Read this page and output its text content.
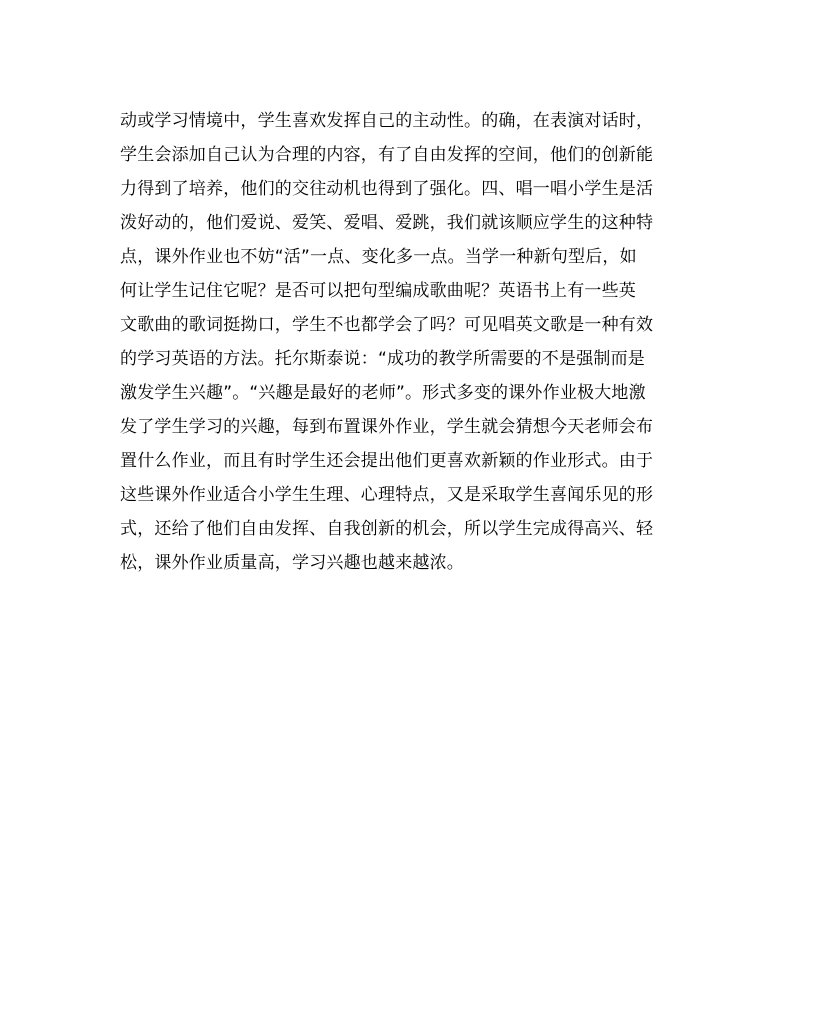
动或学习情境中，学生喜欢发挥自己的主动性。的确，在表演对话时，
学生会添加自己认为合理的内容，有了自由发挥的空间，他们的创新能
力得到了培养，他们的交往动机也得到了强化。四、唱一唱小学生是活
泼好动的，他们爱说、爱笑、爱唱、爱跳，我们就该顺应学生的这种特
点，课外作业也不妨“活”一点、变化多一点。当学一种新句型后，如
何让学生记住它呢？是否可以把句型编成歌曲呢？英语书上有一些英
文歌曲的歌词挺拗口，学生不也都学会了吗？可见唱英文歌是一种有效
的学习英语的方法。托尔斯泰说：“成功的教学所需要的不是强制而是
激发学生兴趣”。“兴趣是最好的老师”。形式多变的课外作业极大地激
发了学生学习的兴趣，每到布置课外作业，学生就会猜想今天老师会布
置什么作业，而且有时学生还会提出他们更喜欢新颖的作业形式。由于
这些课外作业适合小学生生理、心理特点，又是采取学生喜闻乐见的形
式，还给了他们自由发挥、自我创新的机会，所以学生完成得高兴、轻
松，课外作业质量高，学习兴趣也越来越浓。
